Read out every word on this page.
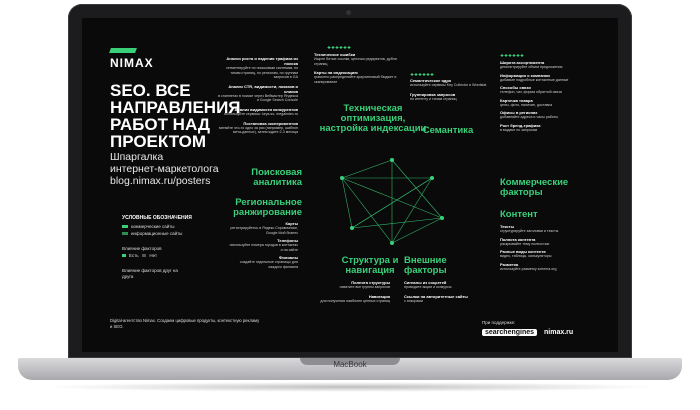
MacBook
NIMAX
SEO. ВСЕ НАПРАВЛЕНИЯ РАБОТ НАД ПРОЕКТОМ
Шпаргалка
интернет-маркетолога
blog.nimax.ru/posters
УСЛОВНЫЕ ОБОЗНАЧЕНИЯ
коммерческие сайты
информационные сайты
Влияние факторов
Есть Нет
Влияние факторов друг на друга
Анализ роста и падения трафика из поиска
сегментируйте по поисковым системам, по типам страниц, по регионам, по группам запросов в GA
Анализ CTR, видимости, показов и кликов
в сниппетах в поиске через Вебмастер Яндекса и Google Search Console
Анализ видимости конкурентов
используйте сервисы: keys.so, megaindex.ru
Постановка экспериментов
меняйте что-то одно за раз (например, шаблон мета-данных), затем ждите 2-3 месяца
Поисковая аналитика
Региональное ранжирование
Карты
регистрируйтесь в Яндекс.Справочнике, Google Мой бизнес
Телефоны
используйте номера городов в контактах и на сайте
Филиалы
создайте отдельные страницы для каждого филиала
Технические ошибки
Ищите битые ссылки, цепочки редиректов, дубли страниц
Карты на индексацию
грамотно распределяйте краулинговый бюджет и сканирование
Техническая оптимизация, настройка индексации
Семантическое ядро
используйте сервисы Key Collector и Wordstat
Группировка запросов
по интенту и типам страниц
Семантика
Структура и навигация
Полнота структуры
охватите все группы запросов
Навигация
для получения наиболее ценных страниц
Внешние факторы
Сигналы из соцсетей
проводите акции и конкурсы
Ссылки на авторитетные сайты
с анкорами
Широта ассортимента
демонстрируйте объем предложения
Информация о компании
добавьте подробные контактные данные
Способы связи
телефон, чат, форма обратной связи
Карточка товара
цены, фото, наличие, доставка
Офисы в регионах
добавляйте адреса и часы работы
Рост бренд-трафика
в выдаче по запросам
Коммерческие факторы
Контент
Тексты
структурируйте заголовки и тексты
Полнота контента
раскрывайте тему полностью
Разные виды контента
видео, таблицы, калькуляторы
Разметка
используйте разметку schema.org
Digital-агентство Nimax. Создаем цифровые продукты, контекстную рекламу и SEO.
При поддержке:
searchengines	nimax.ru
